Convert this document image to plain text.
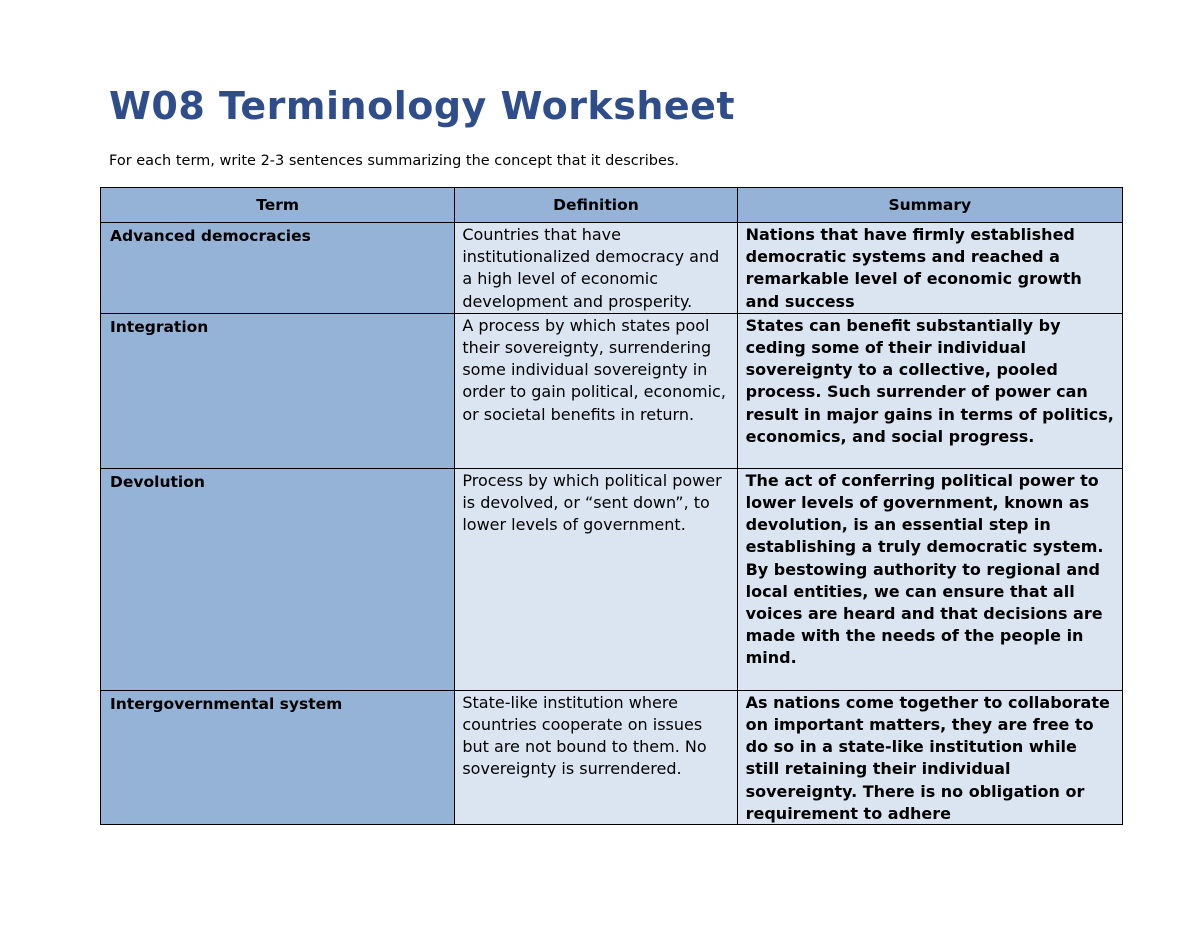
W08 Terminology Worksheet

For each term, write 2-3 sentences summarizing the concept that it describes.

Term	Definition	Summary

Advanced democracies	Countries that have institutionalized democracy and a high level of economic development and prosperity.	Nations that have firmly established democratic systems and reached a remarkable level of economic growth and success

Integration	A process by which states pool their sovereignty, surrendering some individual sovereignty in order to gain political, economic, or societal benefits in return.	States can benefit substantially by ceding some of their individual sovereignty to a collective, pooled process. Such surrender of power can result in major gains in terms of politics, economics, and social progress.

Devolution	Process by which political power is devolved, or “sent down”, to lower levels of government.	The act of conferring political power to lower levels of government, known as devolution, is an essential step in establishing a truly democratic system. By bestowing authority to regional and local entities, we can ensure that all voices are heard and that decisions are made with the needs of the people in mind.

Intergovernmental system	State-like institution where countries cooperate on issues but are not bound to them. No sovereignty is surrendered.	As nations come together to collaborate on important matters, they are free to do so in a state-like institution while still retaining their individual sovereignty. There is no obligation or requirement to adhere
